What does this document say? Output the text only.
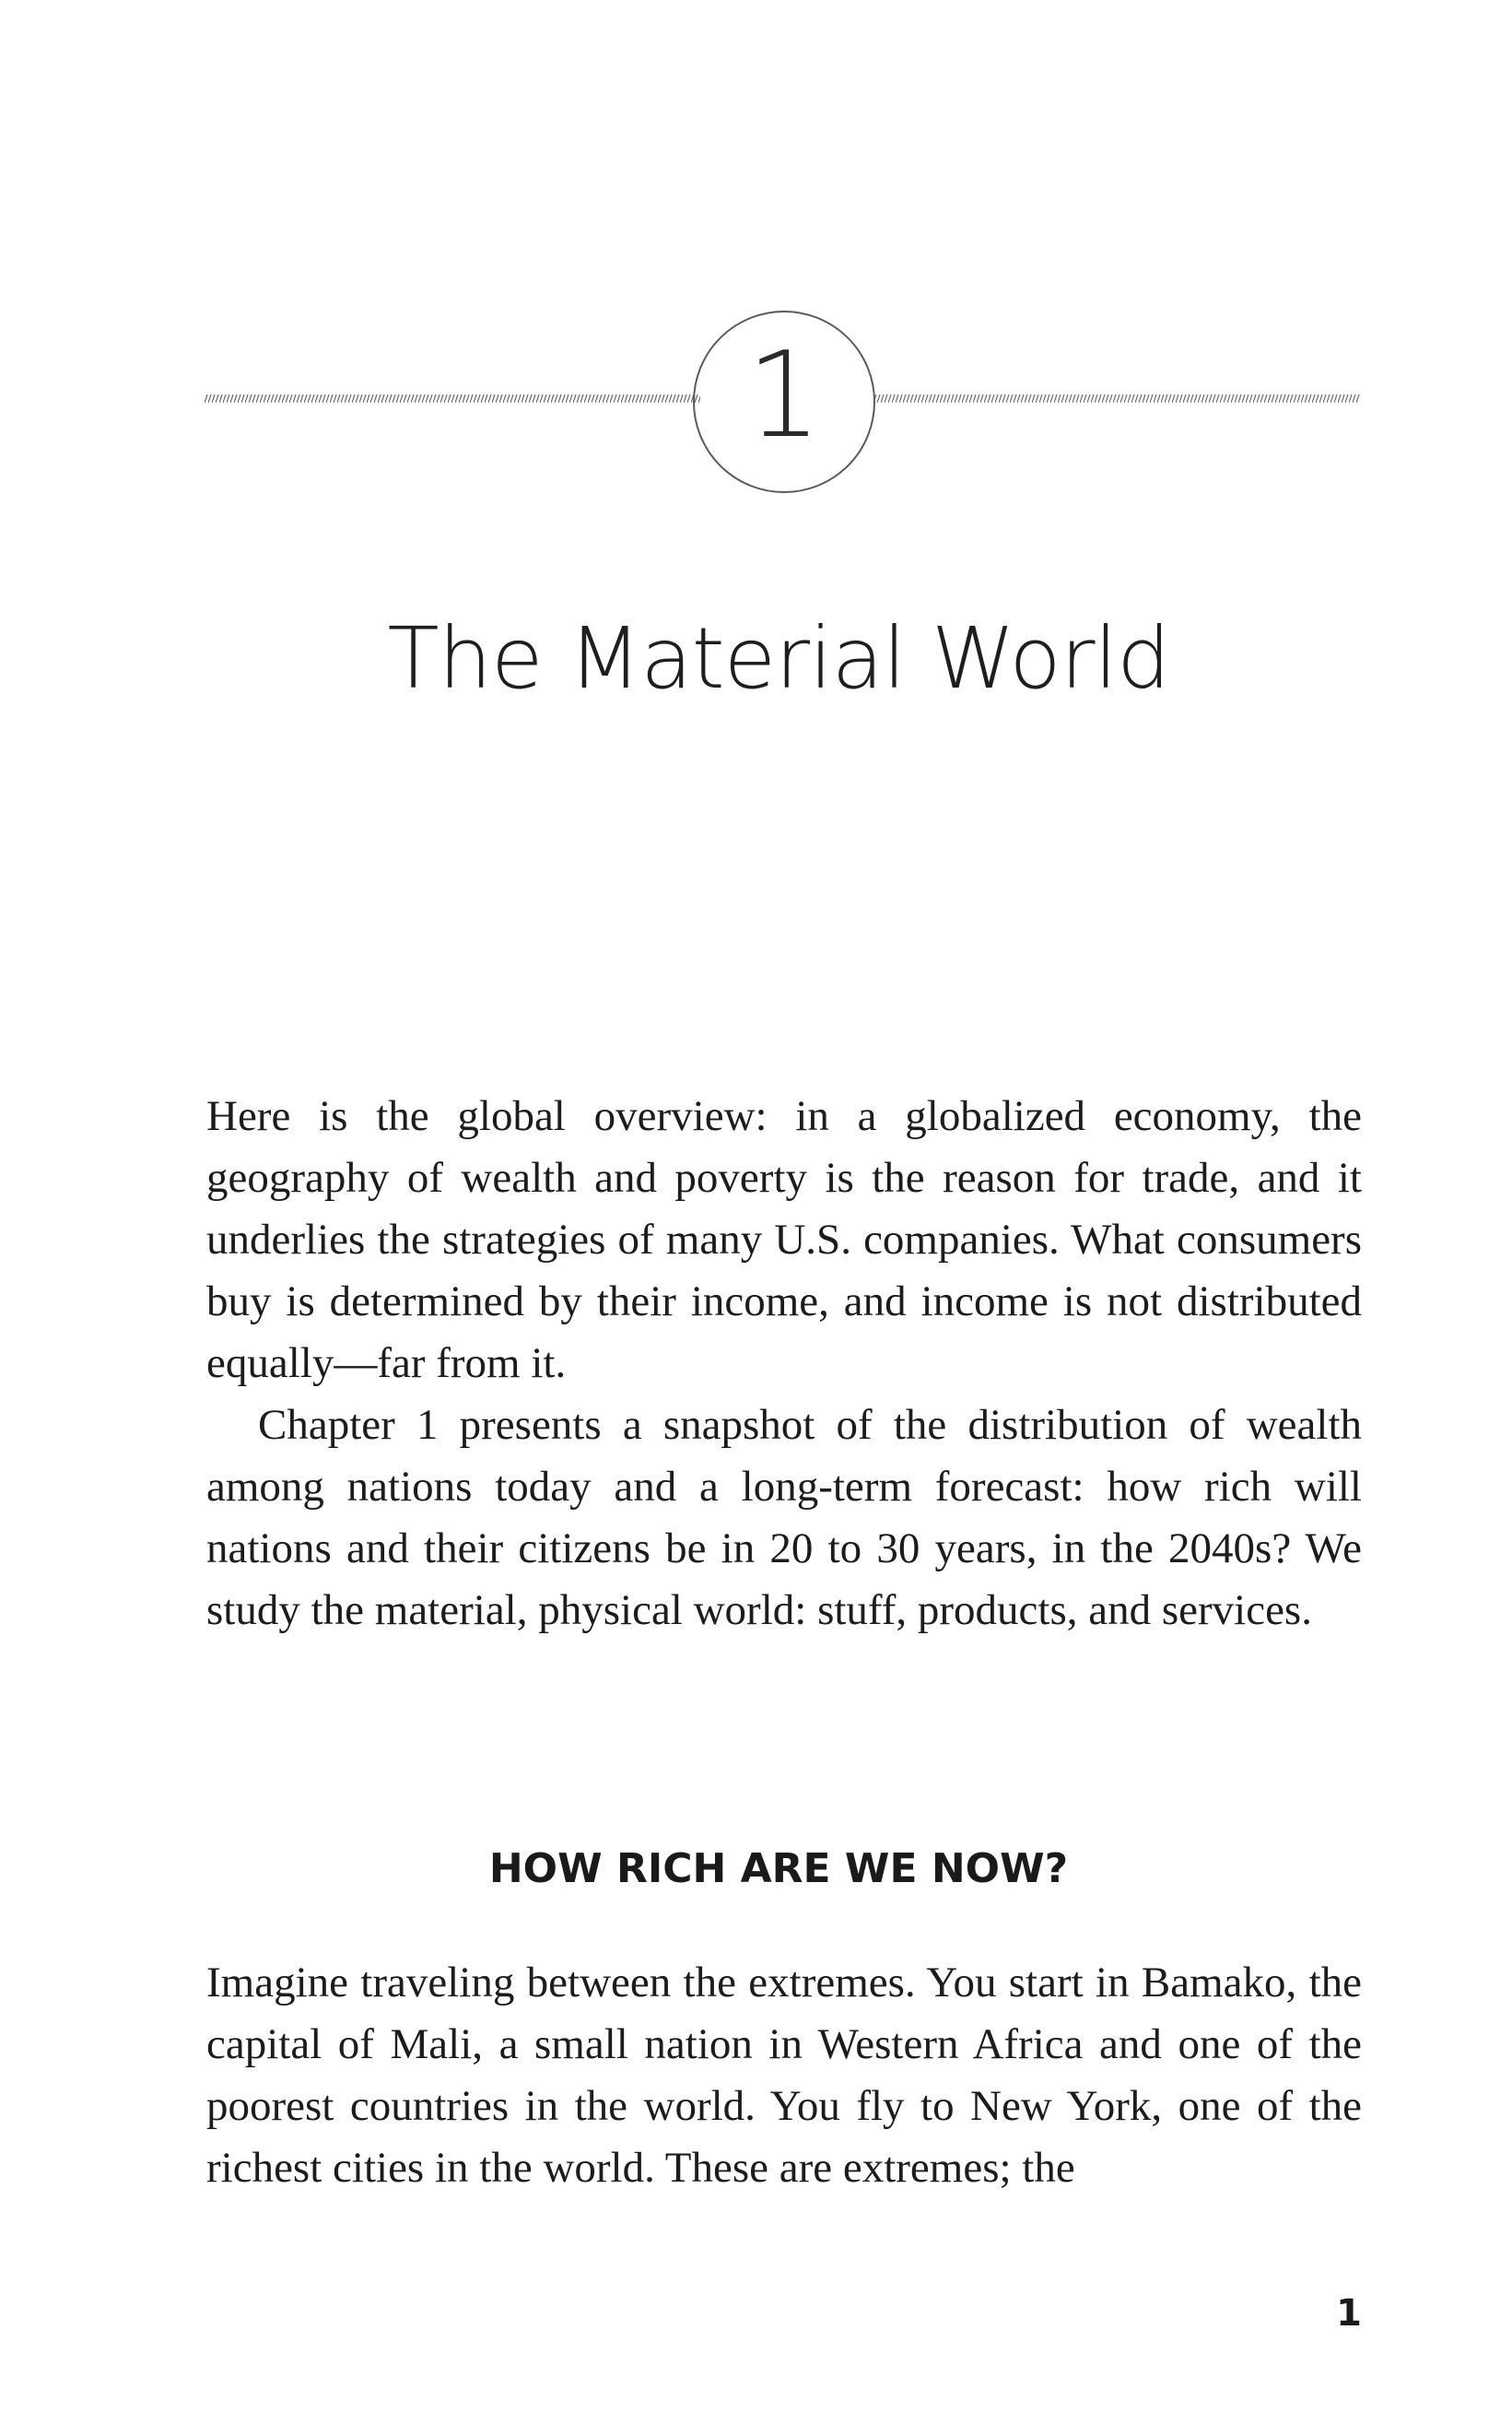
1
The Material World

Here is the global overview: in a globalized economy, the geography of wealth and poverty is the reason for trade, and it underlies the strategies of many U.S. companies. What consumers buy is determined by their income, and income is not distributed equally—far from it.

Chapter 1 presents a snapshot of the distribution of wealth among nations today and a long-term forecast: how rich will nations and their citizens be in 20 to 30 years, in the 2040s? We study the material, physical world: stuff, products, and services.

HOW RICH ARE WE NOW?

Imagine traveling between the extremes. You start in Bamako, the capital of Mali, a small nation in Western Africa and one of the poorest countries in the world. You fly to New York, one of the richest cities in the world. These are extremes; the

1
